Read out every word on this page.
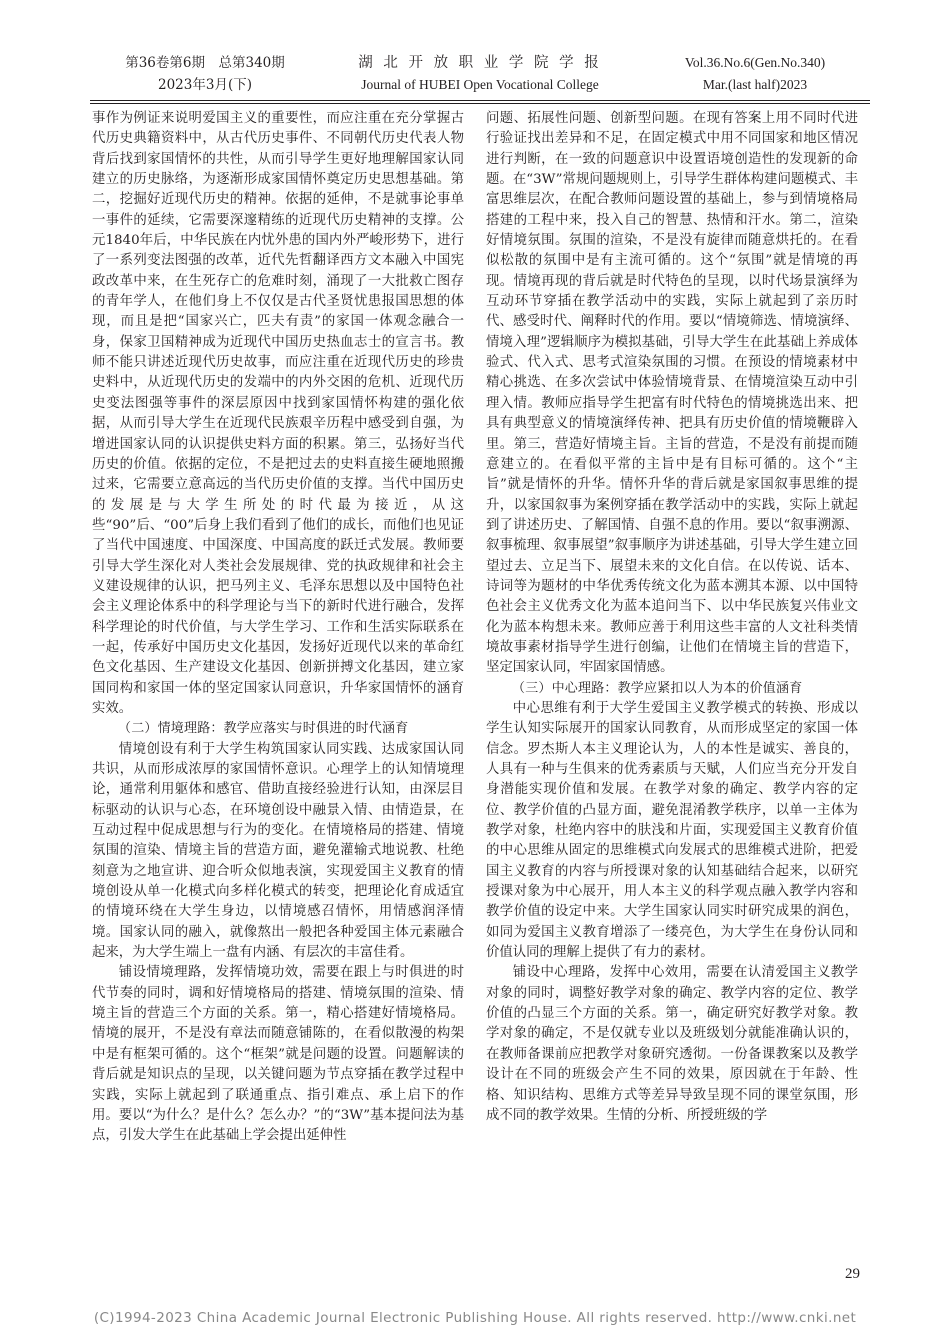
第36卷第6期　总第340期
2023年3月(下)
湖 北 开 放 职 业 学 院 学 报
Journal of HUBEI Open Vocational College
Vol.36.No.6(Gen.No.340)
Mar.(last half)2023

事作为例证来说明爱国主义的重要性，而应注重在充分掌握古代历史典籍资料中，从古代历史事件、不同朝代历史代表人物背后找到家国情怀的共性，从而引导学生更好地理解国家认同建立的历史脉络，为逐渐形成家国情怀奠定历史思想基础。第二，挖掘好近现代历史的精神。依据的延伸，不是就事论事单一事件的延续，它需要深邃精练的近现代历史精神的支撑。公元1840年后，中华民族在内忧外患的国内外严峻形势下，进行了一系列变法图强的改革，近代先哲翻译西方文本融入中国宪政改革中来，在生死存亡的危难时刻，涌现了一大批救亡图存的青年学人，在他们身上不仅仅是古代圣贤忧患报国思想的体现，而且是把“国家兴亡，匹夫有责”的家国一体观念融合一身，保家卫国精神成为近现代中国历史热血志士的宣言书。教师不能只讲述近现代历史故事，而应注重在近现代历史的珍贵史料中，从近现代历史的发端中的内外交困的危机、近现代历史变法图强等事件的深层原因中找到家国情怀构建的强化依据，从而引导大学生在近现代民族艰辛历程中感受到自强，为增进国家认同的认识提供史料方面的积累。第三，弘扬好当代历史的价值。依据的定位，不是把过去的史料直接生硬地照搬过来，它需要立意高远的当代历史价值的支撑。当代中国历史的发展是与大学生所处的时代最为接近，从这些“90”后、“00”后身上我们看到了他们的成长，而他们也见证了当代中国速度、中国深度、中国高度的跃迁式发展。教师要引导大学生深化对人类社会发展规律、党的执政规律和社会主义建设规律的认识，把马列主义、毛泽东思想以及中国特色社会主义理论体系中的科学理论与当下的新时代进行融合，发挥科学理论的时代价值，与大学生学习、工作和生活实际联系在一起，传承好中国历史文化基因，发扬好近现代以来的革命红色文化基因、生产建设文化基因、创新拼搏文化基因，建立家国同构和家国一体的坚定国家认同意识，升华家国情怀的涵育实效。

（二）情境理路：教学应落实与时俱进的时代涵育

情境创设有利于大学生构筑国家认同实践、达成家国认同共识，从而形成浓厚的家国情怀意识。心理学上的认知情境理论，通常利用躯体和感官、借助直接经验进行认知，由深层目标驱动的认识与心态，在环境创设中融景入情、由情造景，在互动过程中促成思想与行为的变化。在情境格局的搭建、情境氛围的渲染、情境主旨的营造方面，避免灌输式地说教、杜绝刻意为之地宣讲、迎合听众似地表演，实现爱国主义教育的情境创设从单一化模式向多样化模式的转变，把理论化育成适宜的情境环绕在大学生身边，以情境感召情怀，用情感润泽情境。国家认同的融入，就像熬出一般把各种爱国主体元素融合起来，为大学生端上一盘有内涵、有层次的丰富佳肴。

铺设情境理路，发挥情境功效，需要在跟上与时俱进的时代节奏的同时，调和好情境格局的搭建、情境氛围的渲染、情境主旨的营造三个方面的关系。第一，精心搭建好情境格局。情境的展开，不是没有章法而随意铺陈的，在看似散漫的构架中是有框架可循的。这个“框架”就是问题的设置。问题解读的背后就是知识点的呈现，以关键问题为节点穿插在教学过程中实践，实际上就起到了联通重点、指引难点、承上启下的作用。要以“为什么？是什么？怎么办？”的“3W”基本提问法为基点，引发大学生在此基础上学会提出延伸性

问题、拓展性问题、创新型问题。在现有答案上用不同时代进行验证找出差异和不足，在固定模式中用不同国家和地区情况进行判断，在一致的问题意识中设置语境创造性的发现新的命题。在“3W”常规问题规则上，引导学生群体构建问题模式、丰富思维层次，在配合教师问题设置的基础上，参与到情境格局搭建的工程中来，投入自己的智慧、热情和汗水。第二，渲染好情境氛围。氛围的渲染，不是没有旋律而随意烘托的。在看似松散的氛围中是有主流可循的。这个“氛围”就是情境的再现。情境再现的背后就是时代特色的呈现，以时代场景演绎为互动环节穿插在教学活动中的实践，实际上就起到了亲历时代、感受时代、阐释时代的作用。要以“情境筛选、情境演绎、情境入理”逻辑顺序为模拟基础，引导大学生在此基础上养成体验式、代入式、思考式渲染氛围的习惯。在预设的情境素材中精心挑选、在多次尝试中体验情境背景、在情境渲染互动中引理入情。教师应指导学生把富有时代特色的情境挑选出来、把具有典型意义的情境演绎传神、把具有历史价值的情境鞭辟入里。第三，营造好情境主旨。主旨的营造，不是没有前提而随意建立的。在看似平常的主旨中是有目标可循的。这个“主旨”就是情怀的升华。情怀升华的背后就是家国叙事思维的提升，以家国叙事为案例穿插在教学活动中的实践，实际上就起到了讲述历史、了解国情、自强不息的作用。要以“叙事溯源、叙事梳理、叙事展望”叙事顺序为讲述基础，引导大学生建立回望过去、立足当下、展望未来的文化自信。在以传说、话本、诗词等为题材的中华优秀传统文化为蓝本溯其本源、以中国特色社会主义优秀文化为蓝本追问当下、以中华民族复兴伟业文化为蓝本构想未来。教师应善于利用这些丰富的人文社科类情境故事素材指导学生进行创编，让他们在情境主旨的营造下，坚定国家认同，牢固家国情感。

（三）中心理路：教学应紧扣以人为本的价值涵育

中心思维有利于大学生爱国主义教学模式的转换、形成以学生认知实际展开的国家认同教育，从而形成坚定的家国一体信念。罗杰斯人本主义理论认为，人的本性是诚实、善良的，人具有一种与生俱来的优秀素质与天赋，人们应当充分开发自身潜能实现价值和发展。在教学对象的确定、教学内容的定位、教学价值的凸显方面，避免混淆教学秩序，以单一主体为教学对象，杜绝内容中的肤浅和片面，实现爱国主义教育价值的中心思维从固定的思维模式向发展式的思维模式进阶，把爱国主义教育的内容与所授课对象的认知基础结合起来，以研究授课对象为中心展开，用人本主义的科学观点融入教学内容和教学价值的设定中来。大学生国家认同实时研究成果的润色，如同为爱国主义教育增添了一缕亮色，为大学生在身份认同和价值认同的理解上提供了有力的素材。

铺设中心理路，发挥中心效用，需要在认清爱国主义教学对象的同时，调整好教学对象的确定、教学内容的定位、教学价值的凸显三个方面的关系。第一，确定研究好教学对象。教学对象的确定，不是仅就专业以及班级划分就能准确认识的，在教师备课前应把教学对象研究透彻。一份备课教案以及教学设计在不同的班级会产生不同的效果，原因就在于年龄、性格、知识结构、思维方式等差异导致呈现不同的课堂氛围，形成不同的教学效果。生情的分析、所授班级的学

29
(C)1994-2023 China Academic Journal Electronic Publishing House. All rights reserved. http://www.cnki.net
